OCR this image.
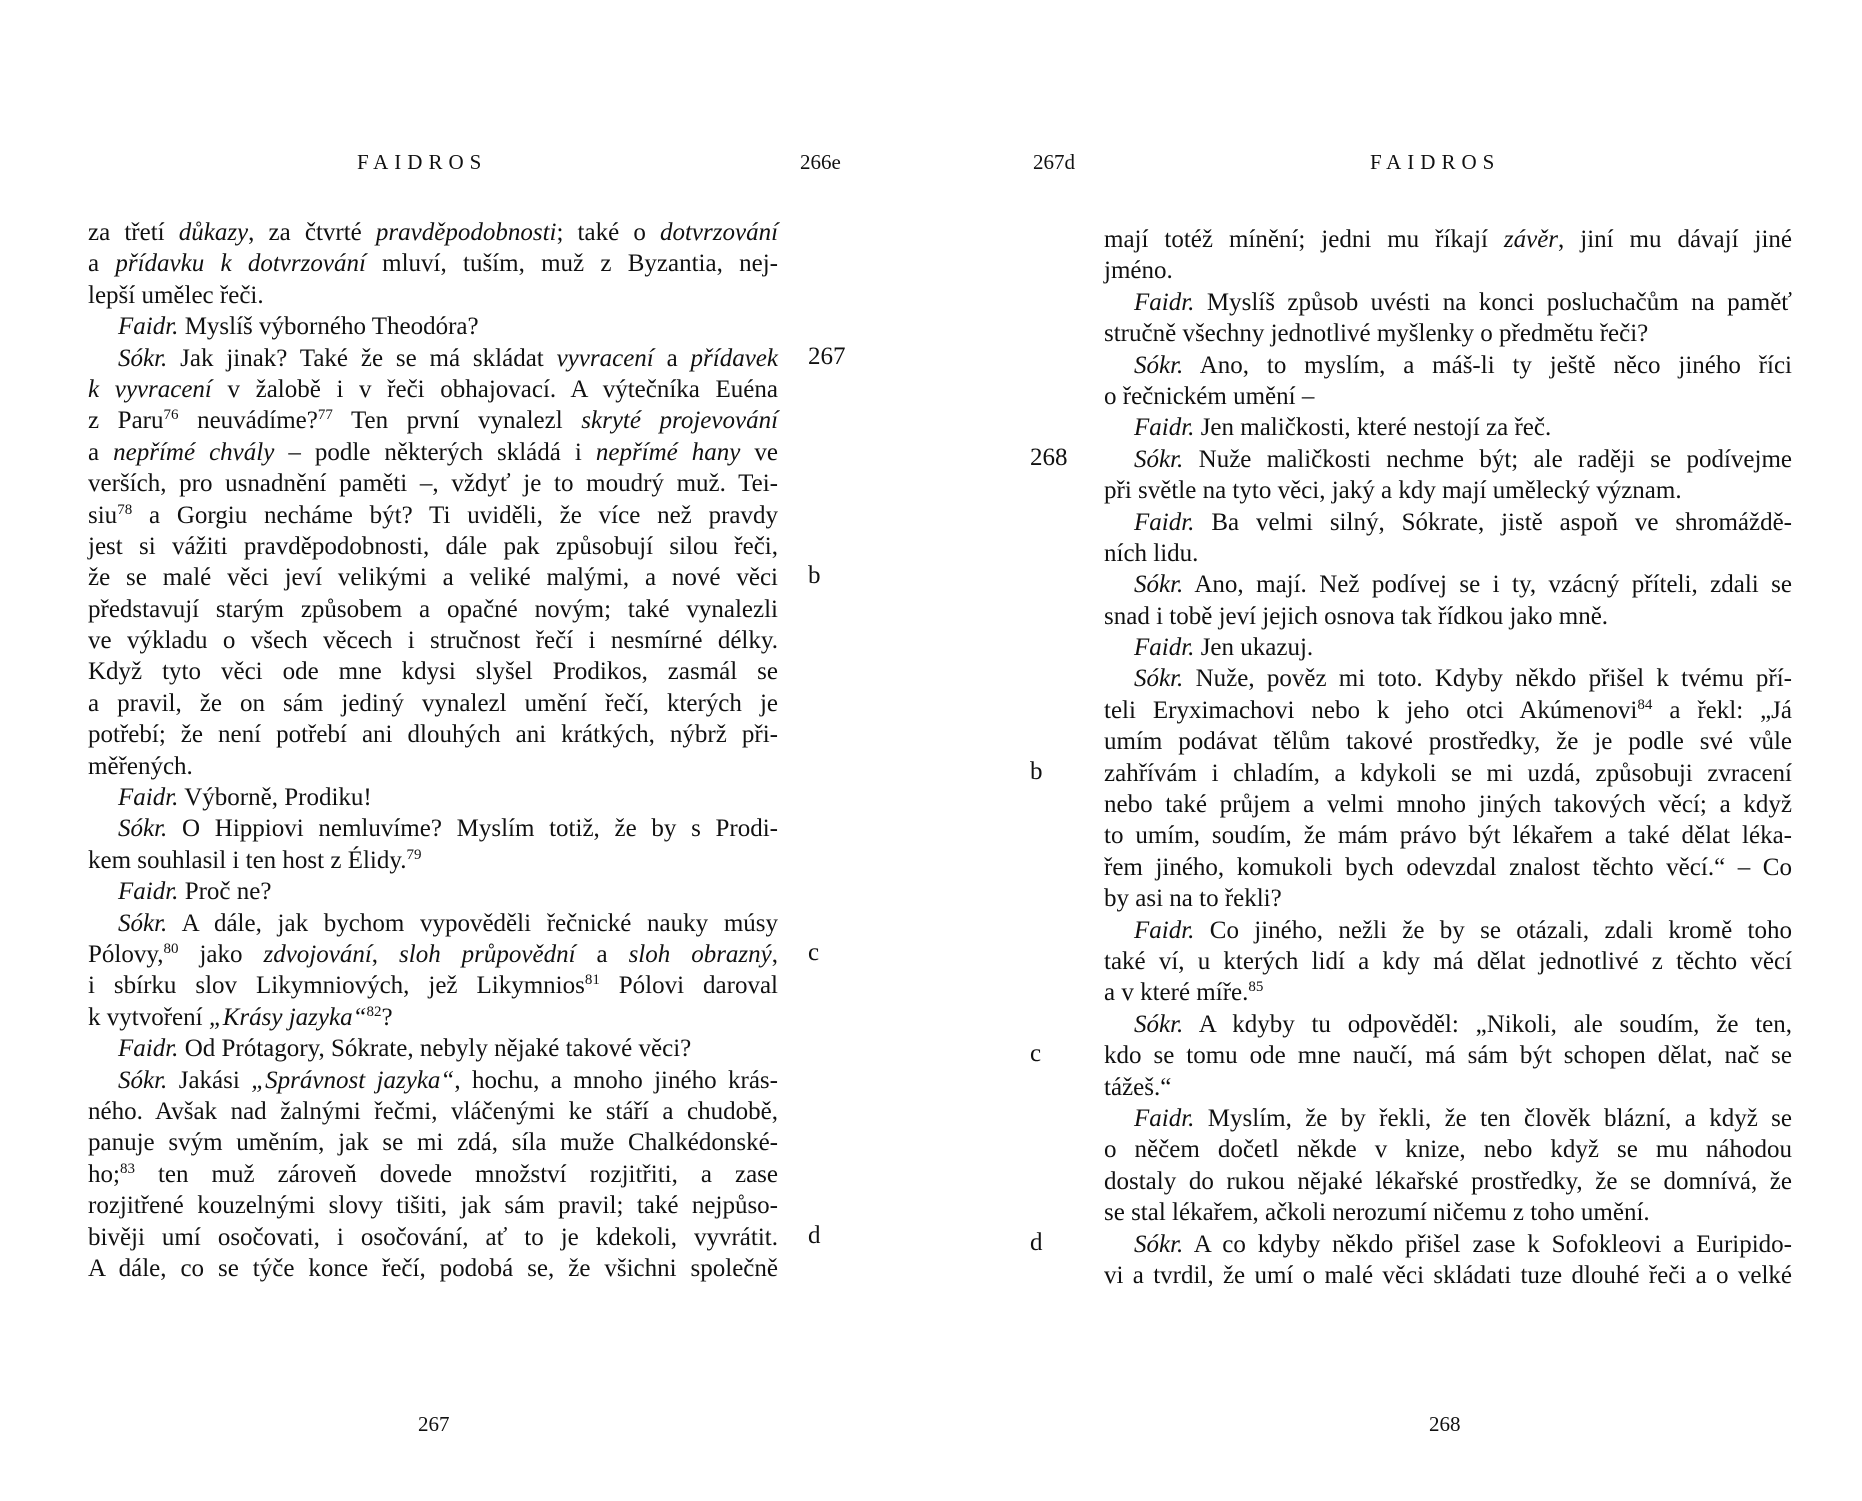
FAIDROS	266e
za třetí důkazy, za čtvrté pravděpodobnosti; také o dotvrzování
a přídavku k dotvrzování mluví, tuším, muž z Byzantia, nej-
lepší umělec řeči.
Faidr. Myslíš výborného Theodóra?
Sókr. Jak jinak? Také že se má skládat vyvracení a přídavek
k vyvracení v žalobě i v řeči obhajovací. A výtečníka Euéna
z Paru$^{76}$ neuvádíme?$^{77}$ Ten první vynalezl skryté projevování
a nepřímé chvály – podle některých skládá i nepřímé hany ve
verších, pro usnadnění paměti –, vždyť je to moudrý muž. Tei-
siu$^{78}$ a Gorgiu necháme být? Ti uviděli, že více než pravdy
jest si vážiti pravděpodobnosti, dále pak způsobují silou řeči,
že se malé věci jeví velikými a veliké malými, a nové věci
představují starým způsobem a opačné novým; také vynalezli
ve výkladu o všech věcech i stručnost řečí i nesmírné délky.
Když tyto věci ode mne kdysi slyšel Prodikos, zasmál se
a pravil, že on sám jediný vynalezl umění řečí, kterých je
potřebí; že není potřebí ani dlouhých ani krátkých, nýbrž při-
měřených.
Faidr. Výborně, Prodiku!
Sókr. O Hippiovi nemluvíme? Myslím totiž, že by s Prodi-
kem souhlasil i ten host z Élidy.$^{79}$
Faidr. Proč ne?
Sókr. A dále, jak bychom vypověděli řečnické nauky músy
Pólovy,$^{80}$ jako zdvojování, sloh průpovědní a sloh obrazný,
i sbírku slov Likymniových, jež Likymnios$^{81}$ Pólovi daroval
k vytvoření „Krásy jazyka“$^{82}$?
Faidr. Od Prótagory, Sókrate, nebyly nějaké takové věci?
Sókr. Jakási „Správnost jazyka“, hochu, a mnoho jiného krás-
ného. Avšak nad žalnými řečmi, vláčenými ke stáří a chudobě,
panuje svým uměním, jak se mi zdá, síla muže Chalkédonské-
ho;$^{83}$ ten muž zároveň dovede množství rozjitřiti, a zase
rozjitřené kouzelnými slovy tišiti, jak sám pravil; také nejpůso-
bivěji umí osočovati, i osočování, ať to je kdekoli, vyvrátit.
A dále, co se týče konce řečí, podobá se, že všichni společně
267
b
c
d
267
267d	FAIDROS
mají totéž mínění; jedni mu říkají závěr, jiní mu dávají jiné
jméno.
Faidr. Myslíš způsob uvésti na konci posluchačům na paměť
stručně všechny jednotlivé myšlenky o předmětu řeči?
Sókr. Ano, to myslím, a máš-li ty ještě něco jiného říci
o řečnickém umění –
Faidr. Jen maličkosti, které nestojí za řeč.
Sókr. Nuže maličkosti nechme být; ale raději se podívejme
při světle na tyto věci, jaký a kdy mají umělecký význam.
Faidr. Ba velmi silný, Sókrate, jistě aspoň ve shromáždě-
ních lidu.
Sókr. Ano, mají. Než podívej se i ty, vzácný příteli, zdali se
snad i tobě jeví jejich osnova tak řídkou jako mně.
Faidr. Jen ukazuj.
Sókr. Nuže, pověz mi toto. Kdyby někdo přišel k tvému pří-
teli Eryximachovi nebo k jeho otci Akúmenovi$^{84}$ a řekl: „Já
umím podávat tělům takové prostředky, že je podle své vůle
zahřívám i chladím, a kdykoli se mi uzdá, způsobuji zvracení
nebo také průjem a velmi mnoho jiných takových věcí; a když
to umím, soudím, že mám právo být lékařem a také dělat léka-
řem jiného, komukoli bych odevzdal znalost těchto věcí.“ – Co
by asi na to řekli?
Faidr. Co jiného, nežli že by se otázali, zdali kromě toho
také ví, u kterých lidí a kdy má dělat jednotlivé z těchto věcí
a v které míře.$^{85}$
Sókr. A kdyby tu odpověděl: „Nikoli, ale soudím, že ten,
kdo se tomu ode mne naučí, má sám být schopen dělat, nač se
tážeš.“
Faidr. Myslím, že by řekli, že ten člověk blázní, a když se
o něčem dočetl někde v knize, nebo když se mu náhodou
dostaly do rukou nějaké lékařské prostředky, že se domnívá, že
se stal lékařem, ačkoli nerozumí ničemu z toho umění.
Sókr. A co kdyby někdo přišel zase k Sofokleovi a Euripido-
vi a tvrdil, že umí o malé věci skládati tuze dlouhé řeči a o velké
268
b
c
d
268
